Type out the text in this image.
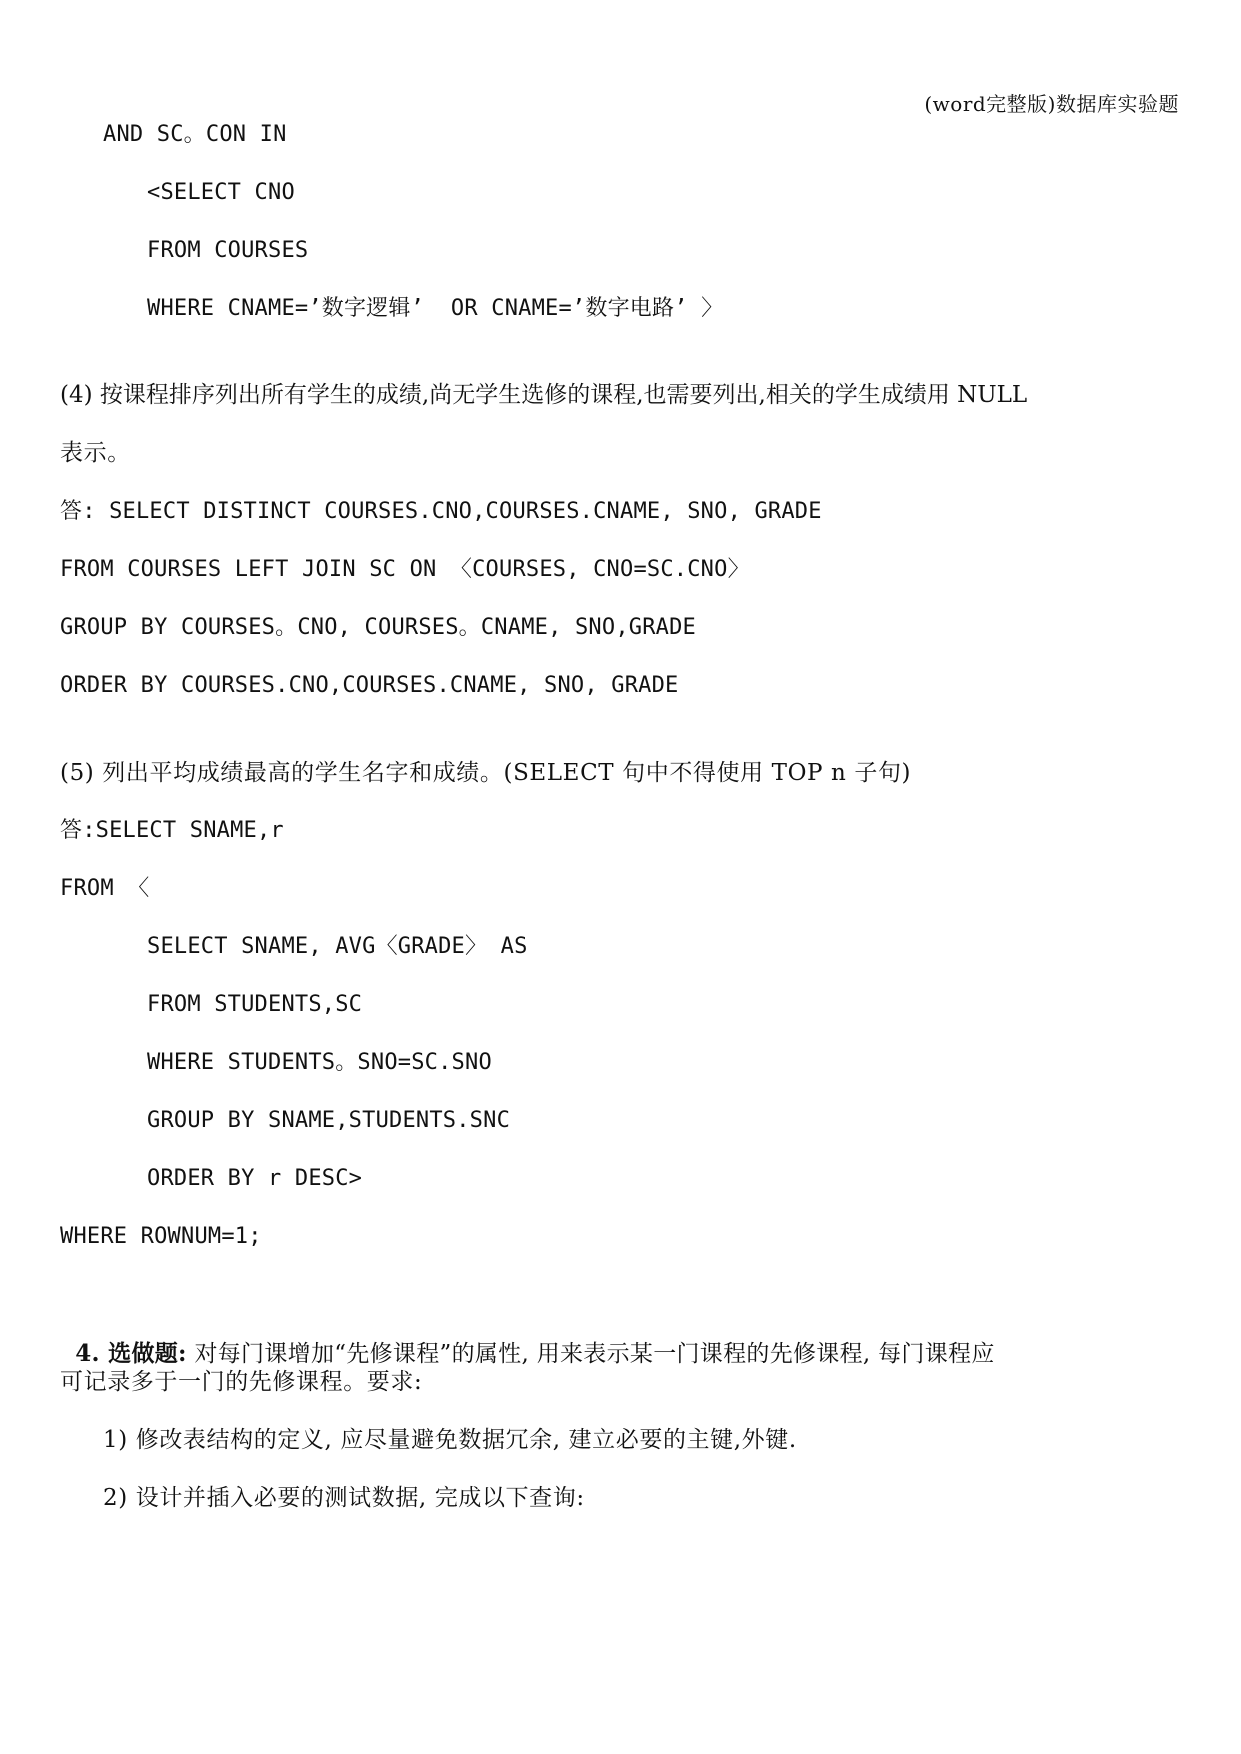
(word完整版)数据库实验题
AND SC。CON IN
<SELECT CNO
FROM COURSES
WHERE CNAME=’数字逻辑’  OR CNAME=’数字电路’ 〉
(4) 按课程排序列出所有学生的成绩,尚无学生选修的课程,也需要列出,相关的学生成绩用 NULL
表示。
答: SELECT DISTINCT COURSES.CNO,COURSES.CNAME, SNO, GRADE
FROM COURSES LEFT JOIN SC ON 〈COURSES, CNO=SC.CNO〉
GROUP BY COURSES。CNO, COURSES。CNAME, SNO,GRADE
ORDER BY COURSES.CNO,COURSES.CNAME, SNO, GRADE
(5) 列出平均成绩最高的学生名字和成绩。(SELECT 句中不得使用 TOP n 子句)
答:SELECT SNAME,r
FROM 〈
SELECT SNAME, AVG〈GRADE〉 AS
FROM STUDENTS,SC
WHERE STUDENTS。SNO=SC.SNO
GROUP BY SNAME,STUDENTS.SNC
ORDER BY r DESC>
WHERE ROWNUM=1;

4. 选做题: 对每门课增加“先修课程”的属性, 用来表示某一门课程的先修课程, 每门课程应

可记录多于一门的先修课程。要求:
1) 修改表结构的定义, 应尽量避免数据冗余, 建立必要的主键,外键.
2) 设计并插入必要的测试数据, 完成以下查询:
